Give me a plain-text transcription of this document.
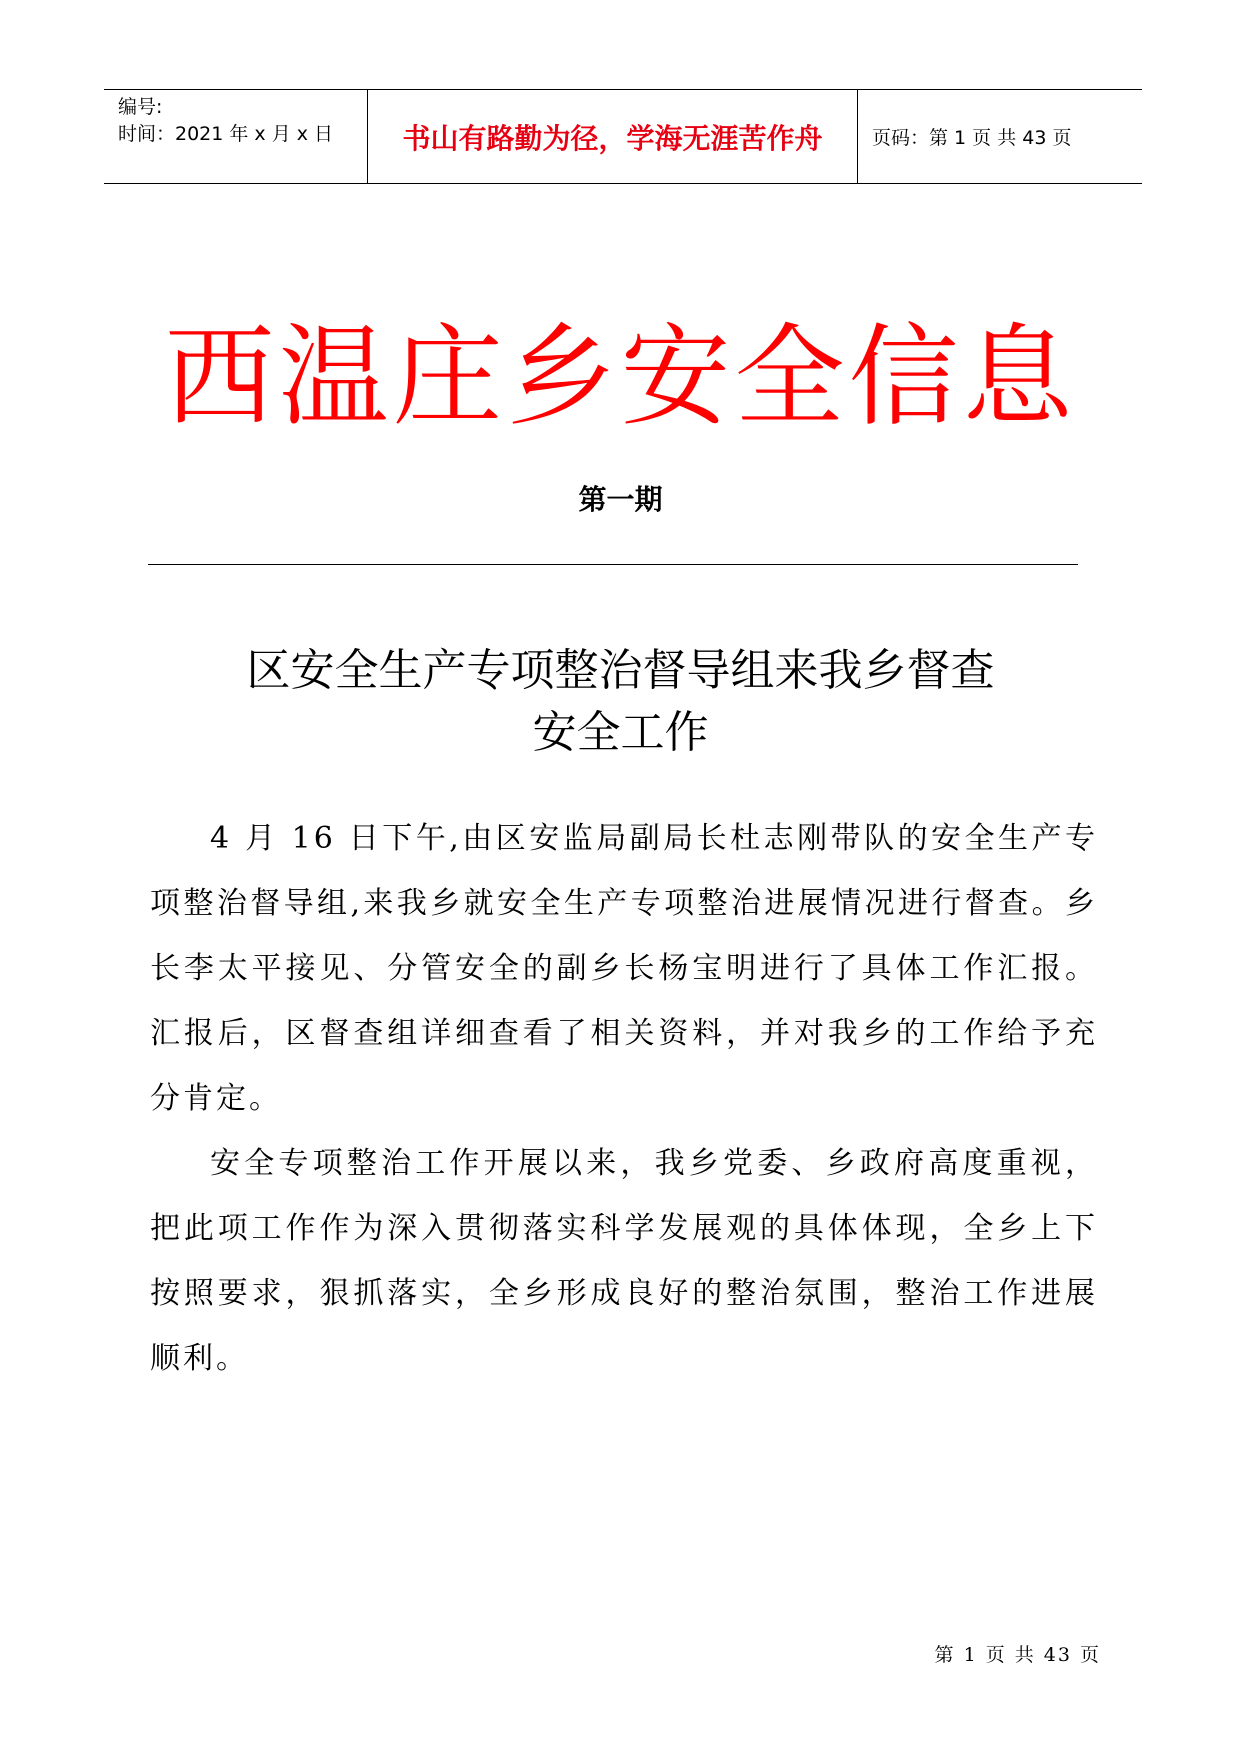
编号:
时间：2021 年 x 月 x 日	书山有路勤为径，学海无涯苦作舟	页码：第 1 页 共 43 页
西温庄乡安全信息
第一期
区安全生产专项整治督导组来我乡督查
安全工作

4 月 16 日下午,由区安监局副局长杜志刚带队的安全生产专项整治督导组,来我乡就安全生产专项整治进展情况进行督查。乡长李太平接见、分管安全的副乡长杨宝明进行了具体工作汇报。汇报后，区督查组详细查看了相关资料，并对我乡的工作给予充分肯定。

安全专项整治工作开展以来，我乡党委、乡政府高度重视，把此项工作作为深入贯彻落实科学发展观的具体体现，全乡上下按照要求，狠抓落实，全乡形成良好的整治氛围，整治工作进展顺利。

第 1 页 共 43 页
